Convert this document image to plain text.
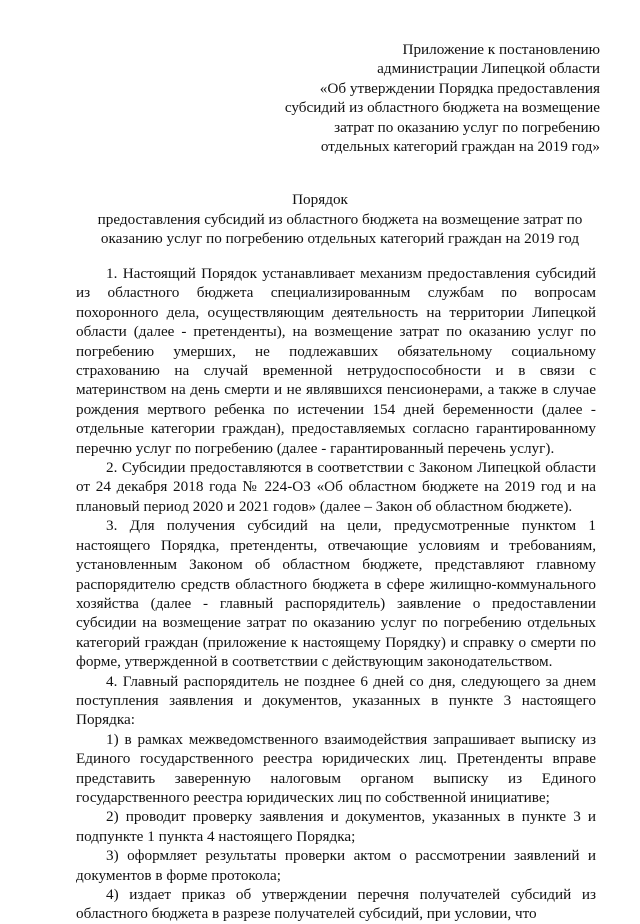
Приложение к постановлению
администрации Липецкой области
«Об утверждении Порядка предоставления
субсидий из областного бюджета на возмещение
затрат по оказанию услуг по погребению
отдельных категорий граждан на 2019 год»
Порядок
предоставления субсидий из областного бюджета на возмещение затрат по оказанию услуг по погребению отдельных категорий граждан на 2019 год

1. Настоящий Порядок устанавливает механизм предоставления субсидий из областного бюджета специализированным службам по вопросам похоронного дела, осуществляющим деятельность на территории Липецкой области (далее - претенденты), на возмещение затрат по оказанию услуг по погребению умерших, не подлежавших обязательному социальному страхованию на случай временной нетрудоспособности и в связи с материнством на день смерти и не являвшихся пенсионерами, а также в случае рождения мертвого ребенка по истечении 154 дней беременности (далее - отдельные категории граждан), предоставляемых согласно гарантированному перечню услуг по погребению (далее - гарантированный перечень услуг).

2. Субсидии предоставляются в соответствии с Законом Липецкой области от 24 декабря 2018 года № 224-ОЗ «Об областном бюджете на 2019 год и на плановый период 2020 и 2021 годов» (далее – Закон об областном бюджете).

3. Для получения субсидий на цели, предусмотренные пунктом 1 настоящего Порядка, претенденты, отвечающие условиям и требованиям, установленным Законом об областном бюджете, представляют главному распорядителю средств областного бюджета в сфере жилищно-коммунального хозяйства (далее - главный распорядитель) заявление о предоставлении субсидии на возмещение затрат по оказанию услуг по погребению отдельных категорий граждан (приложение к настоящему Порядку) и справку о смерти по форме, утвержденной в соответствии с действующим законодательством.

4. Главный распорядитель не позднее 6 дней со дня, следующего за днем поступления заявления и документов, указанных в пункте 3 настоящего Порядка:

1) в рамках межведомственного взаимодействия запрашивает выписку из Единого государственного реестра юридических лиц. Претенденты вправе представить заверенную налоговым органом выписку из Единого государственного реестра юридических лиц по собственной инициативе;

2) проводит проверку заявления и документов, указанных в пункте 3 и подпункте 1 пункта 4 настоящего Порядка;

3) оформляет результаты проверки актом о рассмотрении заявлений и документов в форме протокола;

4) издает приказ об утверждении перечня получателей субсидий из областного бюджета в разрезе получателей субсидий, при условии, что
